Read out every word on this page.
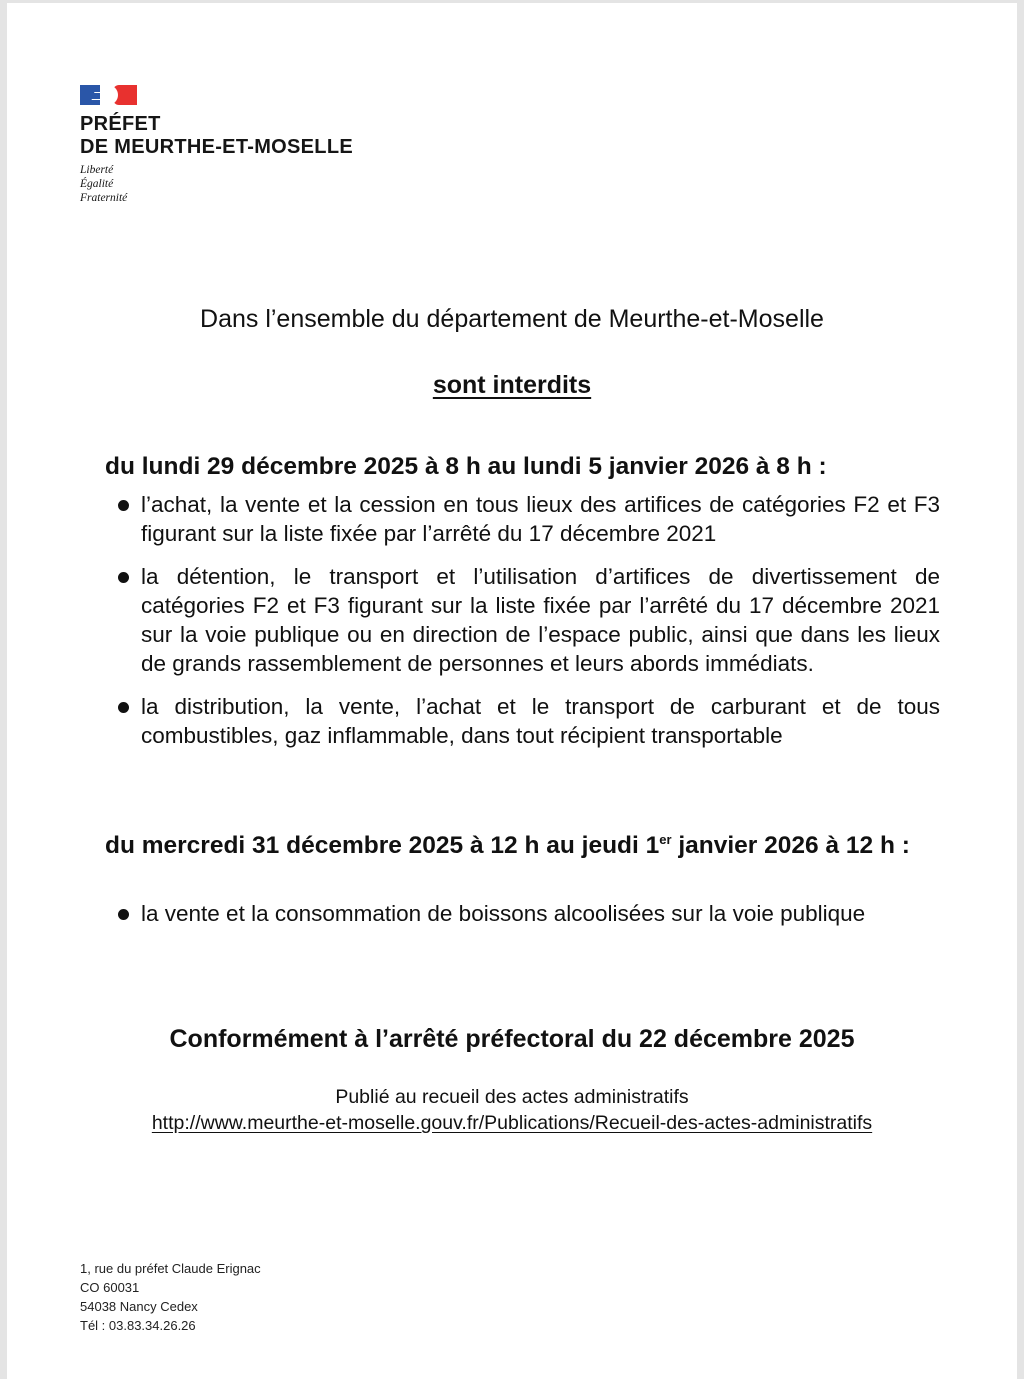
PRÉFET
DE MEURTHE-ET-MOSELLE
Liberté
Égalité
Fraternité
Dans l’ensemble du département de Meurthe-et-Moselle
sont interdits
du lundi 29 décembre 2025 à 8 h au lundi 5 janvier 2026 à 8 h :
l’achat, la vente et la cession en tous lieux des artifices de catégories F2 et F3 figurant sur la liste fixée par l’arrêté du 17 décembre 2021
la détention, le transport et l’utilisation d’artifices de divertissement de catégories F2 et F3 figurant sur la liste fixée par l’arrêté du 17 décembre 2021 sur la voie publique ou en direction de l’espace public, ainsi que dans les lieux de grands rassemblement de personnes et leurs abords immédiats.
la distribution, la vente, l’achat et le transport de carburant et de tous combustibles, gaz inflammable, dans tout récipient transportable
du mercredi 31 décembre 2025 à 12 h au jeudi 1er janvier 2026 à 12 h :
la vente et la consommation de boissons alcoolisées sur la voie publique
Conformément à l’arrêté préfectoral du 22 décembre 2025
Publié au recueil des actes administratifs
http://www.meurthe-et-moselle.gouv.fr/Publications/Recueil-des-actes-administratifs
1, rue du préfet Claude Erignac
CO 60031
54038 Nancy Cedex
Tél : 03.83.34.26.26
